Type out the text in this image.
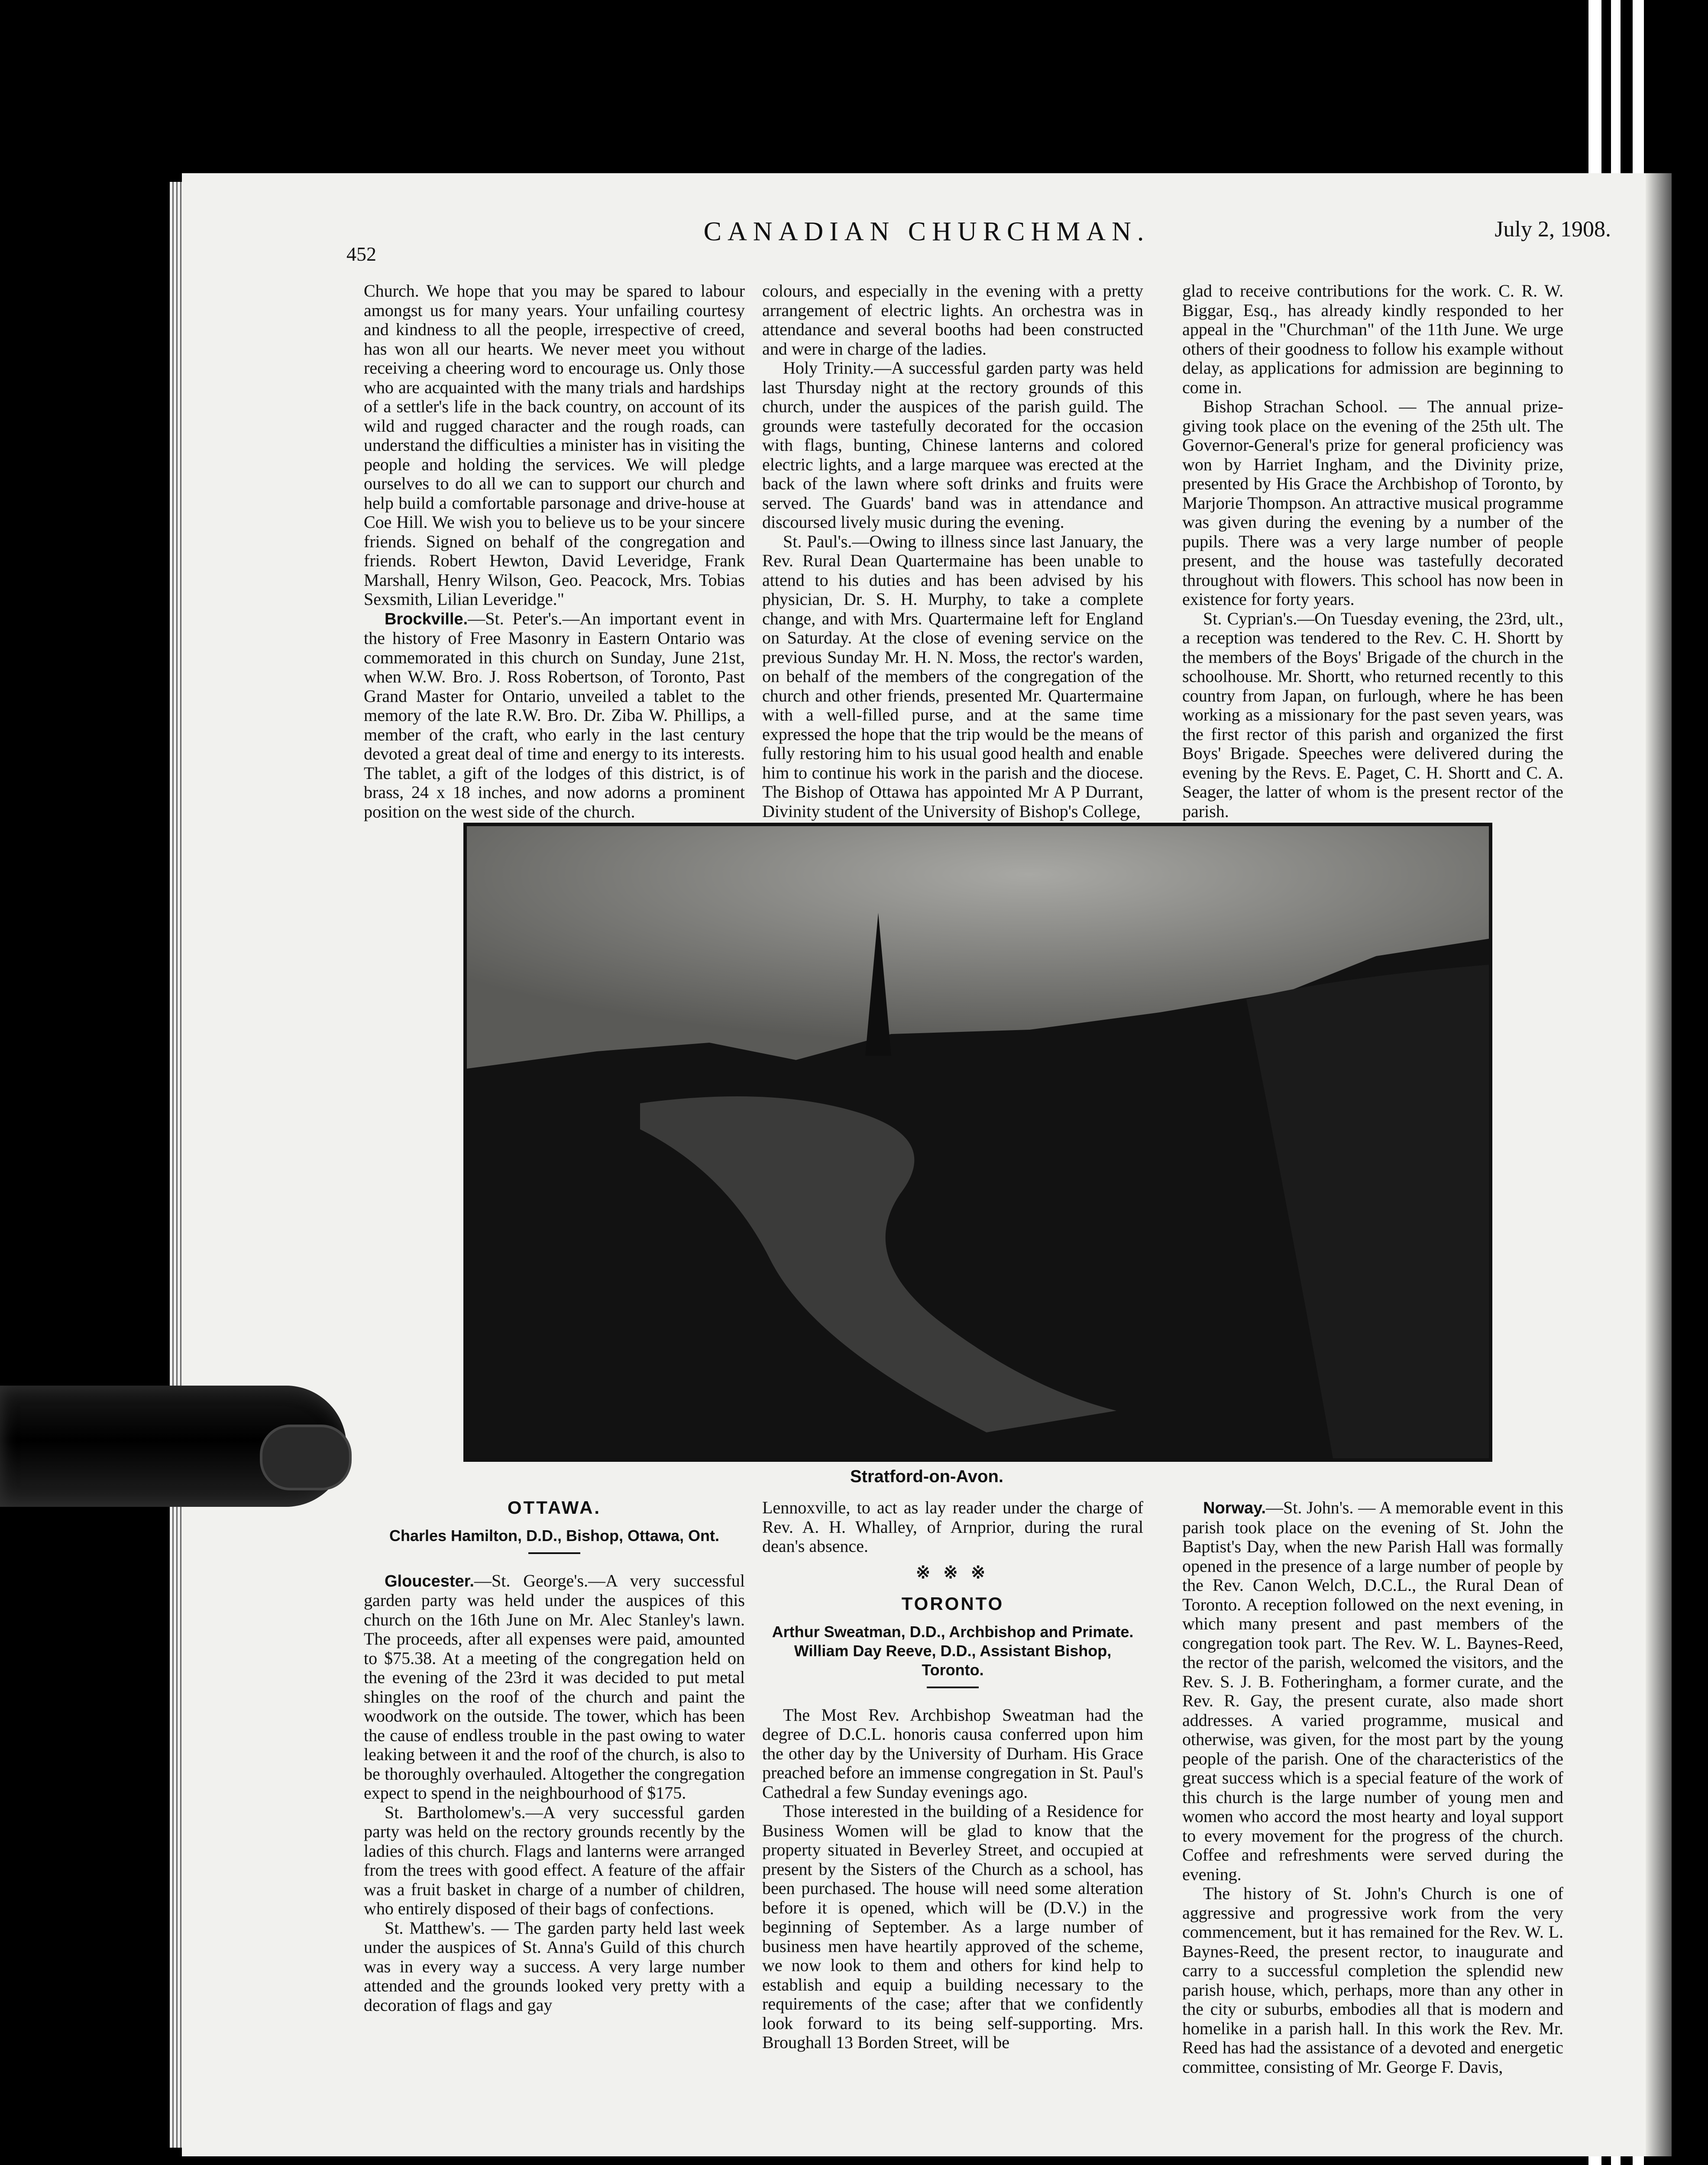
452
CANADIAN CHURCHMAN.	July 2, 1908.

Church. We hope that you may be spared to labour amongst us for many years. Your unfailing courtesy and kindness to all the people, irrespective of creed, has won all our hearts. We never meet you without receiving a cheering word to encourage us. Only those who are acquainted with the many trials and hardships of a settler's life in the back country, on account of its wild and rugged character and the rough roads, can understand the difficulties a minister has in visiting the people and holding the services. We will pledge ourselves to do all we can to support our church and help build a comfortable parsonage and drive-house at Coe Hill. We wish you to believe us to be your sincere friends. Signed on behalf of the congregation and friends. Robert Hewton, David Leveridge, Frank Marshall, Henry Wilson, Geo. Peacock, Mrs. Tobias Sexsmith, Lilian Leveridge."

Brockville.—St. Peter's.—An important event in the history of Free Masonry in Eastern Ontario was commemorated in this church on Sunday, June 21st, when W.W. Bro. J. Ross Robertson, of Toronto, Past Grand Master for Ontario, unveiled a tablet to the memory of the late R.W. Bro. Dr. Ziba W. Phillips, a member of the craft, who early in the last century devoted a great deal of time and energy to its interests. The tablet, a gift of the lodges of this district, is of brass, 24 x 18 inches, and now adorns a prominent position on the west side of the church.

colours, and especially in the evening with a pretty arrangement of electric lights. An orchestra was in attendance and several booths had been constructed and were in charge of the ladies.

Holy Trinity.—A successful garden party was held last Thursday night at the rectory grounds of this church, under the auspices of the parish guild. The grounds were tastefully decorated for the occasion with flags, bunting, Chinese lanterns and colored electric lights, and a large marquee was erected at the back of the lawn where soft drinks and fruits were served. The Guards' band was in attendance and discoursed lively music during the evening.

St. Paul's.—Owing to illness since last January, the Rev. Rural Dean Quartermaine has been unable to attend to his duties and has been advised by his physician, Dr. S. H. Murphy, to take a complete change, and with Mrs. Quartermaine left for England on Saturday. At the close of evening service on the previous Sunday Mr. H. N. Moss, the rector's warden, on behalf of the members of the congregation of the church and other friends, presented Mr. Quartermaine with a well-filled purse, and at the same time expressed the hope that the trip would be the means of fully restoring him to his usual good health and enable him to continue his work in the parish and the diocese. The Bishop of Ottawa has appointed Mr A P Durrant, Divinity student of the University of Bishop's College,

glad to receive contributions for the work. C. R. W. Biggar, Esq., has already kindly responded to her appeal in the "Churchman" of the 11th June. We urge others of their goodness to follow his example without delay, as applications for admission are beginning to come in.

Bishop Strachan School. — The annual prize-giving took place on the evening of the 25th ult. The Governor-General's prize for general proficiency was won by Harriet Ingham, and the Divinity prize, presented by His Grace the Archbishop of Toronto, by Marjorie Thompson. An attractive musical programme was given during the evening by a number of the pupils. There was a very large number of people present, and the house was tastefully decorated throughout with flowers. This school has now been in existence for forty years.

St. Cyprian's.—On Tuesday evening, the 23rd, ult., a reception was tendered to the Rev. C. H. Shortt by the members of the Boys' Brigade of the church in the schoolhouse. Mr. Shortt, who returned recently to this country from Japan, on furlough, where he has been working as a missionary for the past seven years, was the first rector of this parish and organized the first Boys' Brigade. Speeches were delivered during the evening by the Revs. E. Paget, C. H. Shortt and C. A. Seager, the latter of whom is the present rector of the parish.

Stratford-on-Avon.
OTTAWA.
Charles Hamilton, D.D., Bishop, Ottawa, Ont.

Gloucester.—St. George's.—A very successful garden party was held under the auspices of this church on the 16th June on Mr. Alec Stanley's lawn. The proceeds, after all expenses were paid, amounted to $75.38. At a meeting of the congregation held on the evening of the 23rd it was decided to put metal shingles on the roof of the church and paint the woodwork on the outside. The tower, which has been the cause of endless trouble in the past owing to water leaking between it and the roof of the church, is also to be thoroughly overhauled. Altogether the congregation expect to spend in the neighbourhood of $175.

St. Bartholomew's.—A very successful garden party was held on the rectory grounds recently by the ladies of this church. Flags and lanterns were arranged from the trees with good effect. A feature of the affair was a fruit basket in charge of a number of children, who entirely disposed of their bags of confections.

St. Matthew's. — The garden party held last week under the auspices of St. Anna's Guild of this church was in every way a success. A very large number attended and the grounds looked very pretty with a decoration of flags and gay

Lennoxville, to act as lay reader under the charge of Rev. A. H. Whalley, of Arnprior, during the rural dean's absence.

※ ※ ※
TORONTO
Arthur Sweatman, D.D., Archbishop and Primate. William Day Reeve, D.D., Assistant Bishop, Toronto.

The Most Rev. Archbishop Sweatman had the degree of D.C.L. honoris causa conferred upon him the other day by the University of Durham. His Grace preached before an immense congregation in St. Paul's Cathedral a few Sunday evenings ago.

Those interested in the building of a Residence for Business Women will be glad to know that the property situated in Beverley Street, and occupied at present by the Sisters of the Church as a school, has been purchased. The house will need some alteration before it is opened, which will be (D.V.) in the beginning of September. As a large number of business men have heartily approved of the scheme, we now look to them and others for kind help to establish and equip a building necessary to the requirements of the case; after that we confidently look forward to its being self-supporting. Mrs. Broughall 13 Borden Street, will be

Norway.—St. John's. — A memorable event in this parish took place on the evening of St. John the Baptist's Day, when the new Parish Hall was formally opened in the presence of a large number of people by the Rev. Canon Welch, D.C.L., the Rural Dean of Toronto. A reception followed on the next evening, in which many present and past members of the congregation took part. The Rev. W. L. Baynes-Reed, the rector of the parish, welcomed the visitors, and the Rev. S. J. B. Fotheringham, a former curate, and the Rev. R. Gay, the present curate, also made short addresses. A varied programme, musical and otherwise, was given, for the most part by the young people of the parish. One of the characteristics of the great success which is a special feature of the work of this church is the large number of young men and women who accord the most hearty and loyal support to every movement for the progress of the church. Coffee and refreshments were served during the evening.

The history of St. John's Church is one of aggressive and progressive work from the very commencement, but it has remained for the Rev. W. L. Baynes-Reed, the present rector, to inaugurate and carry to a successful completion the splendid new parish house, which, perhaps, more than any other in the city or suburbs, embodies all that is modern and homelike in a parish hall. In this work the Rev. Mr. Reed has had the assistance of a devoted and energetic committee, consisting of Mr. George F. Davis,
